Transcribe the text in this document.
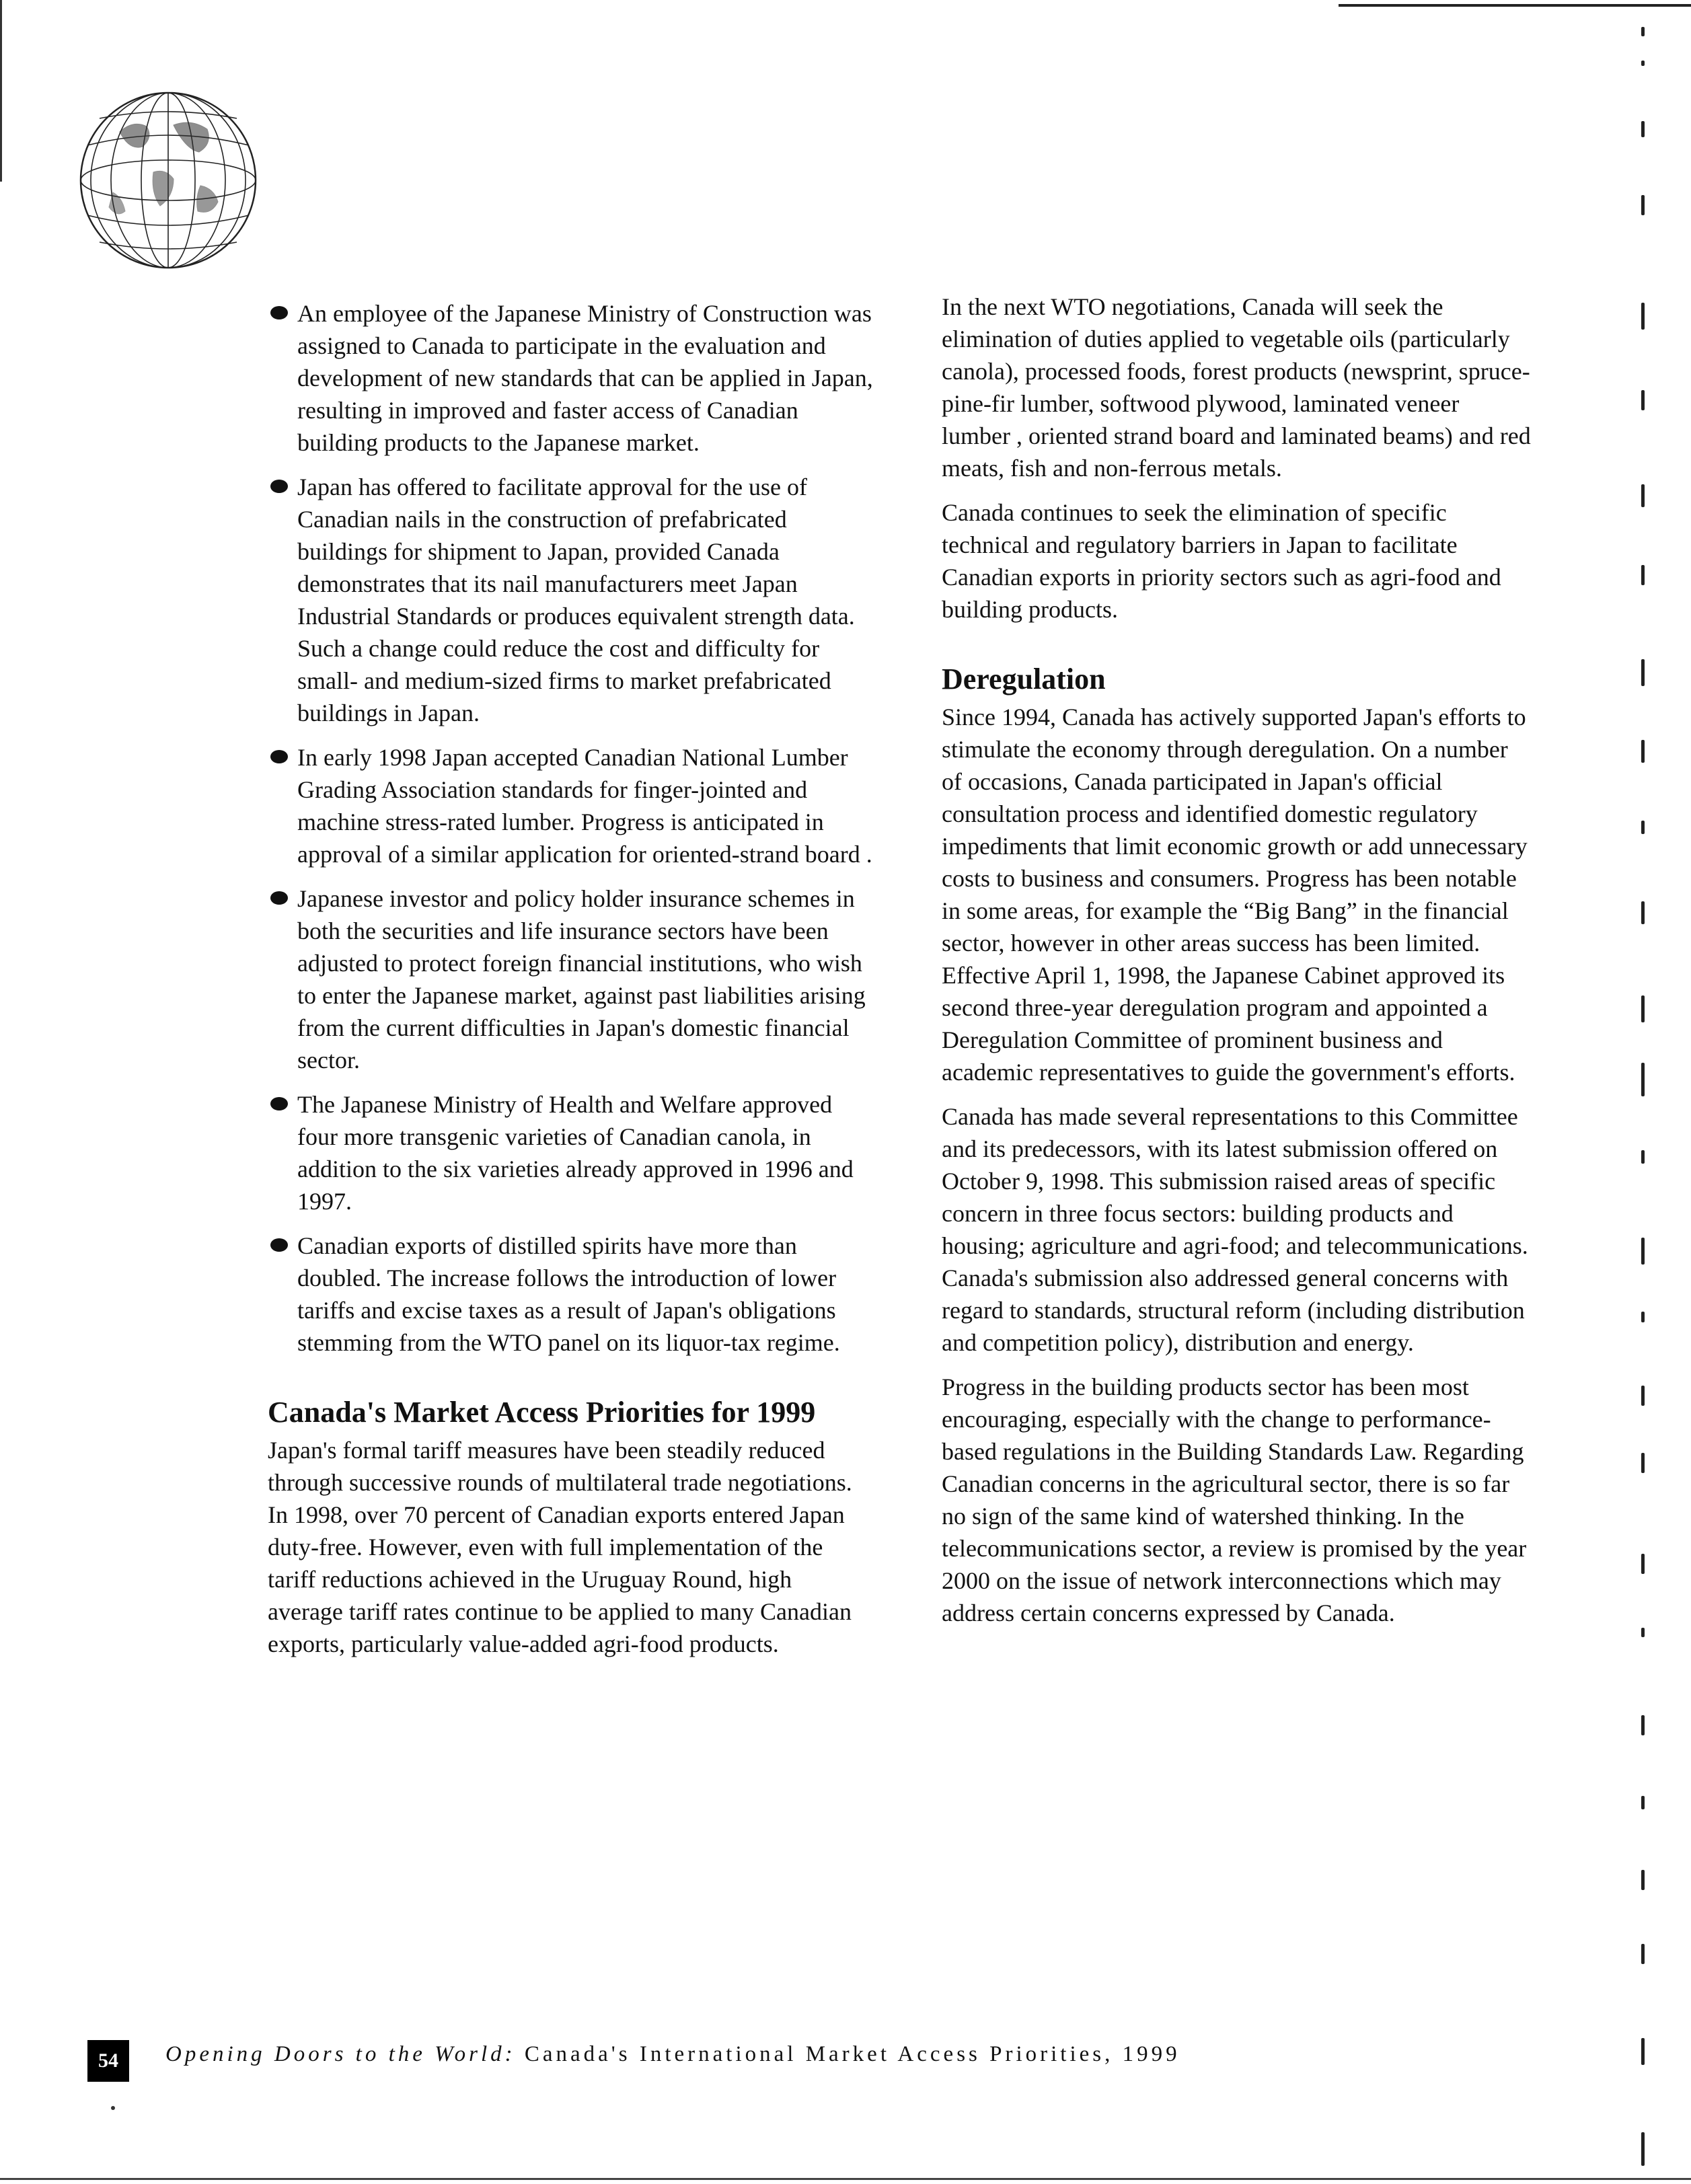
An employee of the Japanese Ministry of Construction was assigned to Canada to participate in the evaluation and development of new standards that can be applied in Japan, resulting in improved and faster access of Canadian building products to the Japanese market.
Japan has offered to facilitate approval for the use of Canadian nails in the construction of prefabricated buildings for shipment to Japan, provided Canada demonstrates that its nail manufacturers meet Japan Industrial Standards or produces equivalent strength data. Such a change could reduce the cost and difficulty for small- and medium-sized firms to market prefabricated buildings in Japan.
In early 1998 Japan accepted Canadian National Lumber Grading Association standards for finger-jointed and machine stress-rated lumber. Progress is anticipated in approval of a similar application for oriented-strand board .
Japanese investor and policy holder insurance schemes in both the securities and life insurance sectors have been adjusted to protect foreign financial institutions, who wish to enter the Japanese market, against past liabilities arising from the current difficulties in Japan's domestic financial sector.
The Japanese Ministry of Health and Welfare approved four more transgenic varieties of Canadian canola, in addition to the six varieties already approved in 1996 and 1997.
Canadian exports of distilled spirits have more than doubled. The increase follows the introduction of lower tariffs and excise taxes as a result of Japan's obligations stemming from the WTO panel on its liquor-tax regime.
Canada's Market Access Priorities for 1999

Japan's formal tariff measures have been steadily reduced through successive rounds of multilateral trade negotiations. In 1998, over 70 percent of Canadian exports entered Japan duty-free. However, even with full implementation of the tariff reductions achieved in the Uruguay Round, high average tariff rates continue to be applied to many Canadian exports, particularly value-added agri-food products.

In the next WTO negotiations, Canada will seek the elimination of duties applied to vegetable oils (particularly canola), processed foods, forest products (newsprint, spruce-pine-fir lumber, softwood plywood, laminated veneer lumber , oriented strand board and laminated beams) and red meats, fish and non-ferrous metals.

Canada continues to seek the elimination of specific technical and regulatory barriers in Japan to facilitate Canadian exports in priority sectors such as agri-food and building products.

Deregulation

Since 1994, Canada has actively supported Japan's efforts to stimulate the economy through deregulation. On a number of occasions, Canada participated in Japan's official consultation process and identified domestic regulatory impediments that limit economic growth or add unnecessary costs to business and consumers. Progress has been notable in some areas, for example the “Big Bang” in the financial sector, however in other areas success has been limited. Effective April 1, 1998, the Japanese Cabinet approved its second three-year deregulation program and appointed a Deregulation Committee of prominent business and academic representatives to guide the government's efforts.

Canada has made several representations to this Committee and its predecessors, with its latest submission offered on October 9, 1998. This submission raised areas of specific concern in three focus sectors: building products and housing; agriculture and agri-food; and telecommunications. Canada's submission also addressed general concerns with regard to standards, structural reform (including distribution and competition policy), distribution and energy.

Progress in the building products sector has been most encouraging, especially with the change to performance-based regulations in the Building Standards Law. Regarding Canadian concerns in the agricultural sector, there is so far no sign of the same kind of watershed thinking. In the telecommunications sector, a review is promised by the year 2000 on the issue of network interconnections which may address certain concerns expressed by Canada.

54	Opening Doors to the World: Canada's International Market Access Priorities, 1999
